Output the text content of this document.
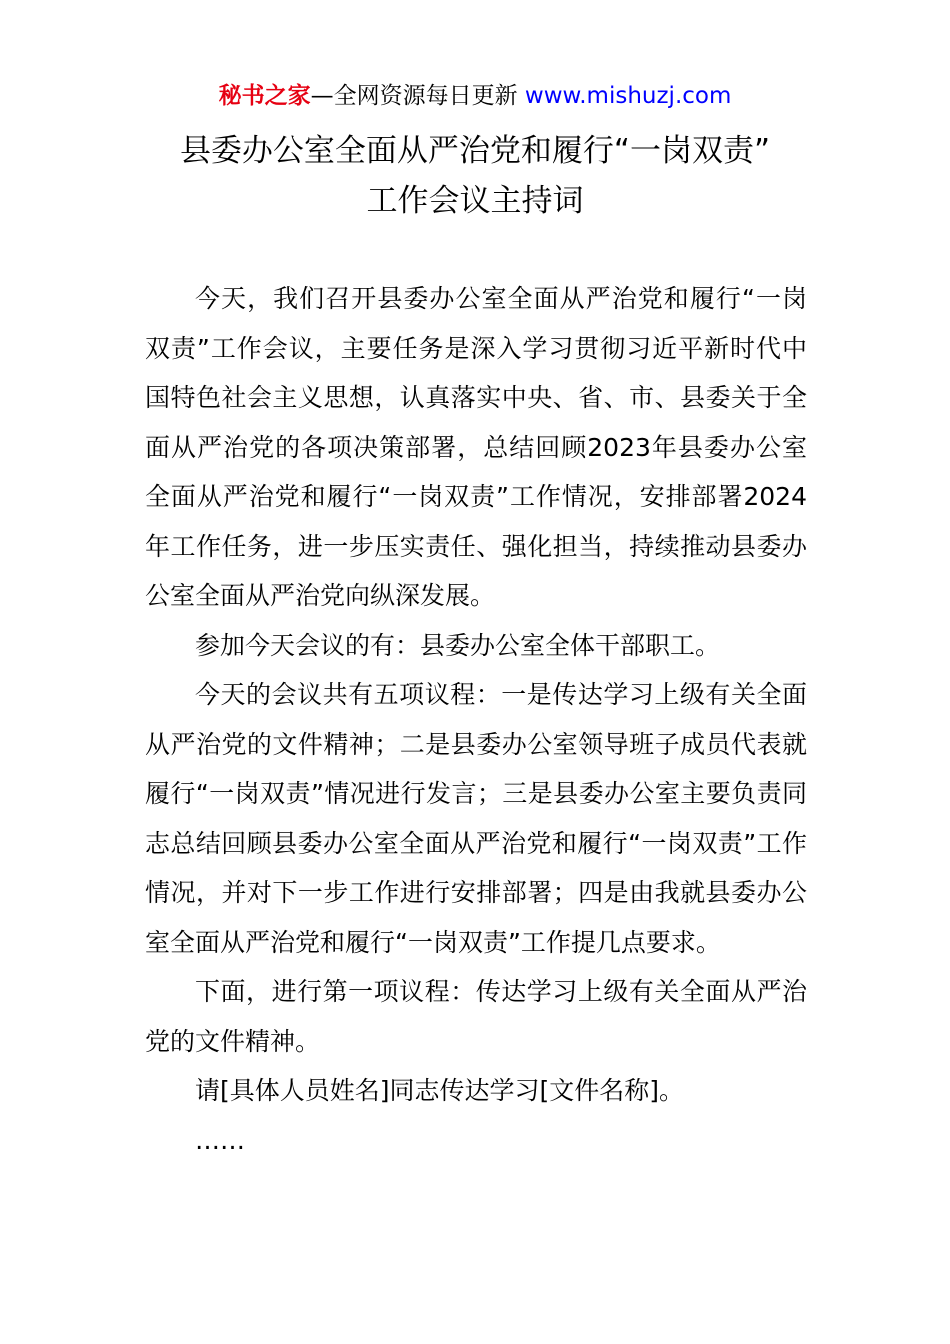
秘书之家—全网资源每日更新 www.mishuzj.com
县委办公室全面从严治党和履行“一岗双责”
工作会议主持词

今天，我们召开县委办公室全面从严治党和履行“一岗双责”工作会议，主要任务是深入学习贯彻习近平新时代中国特色社会主义思想，认真落实中央、省、市、县委关于全面从严治党的各项决策部署，总结回顾2023年县委办公室全面从严治党和履行“一岗双责”工作情况，安排部署2024年工作任务，进一步压实责任、强化担当，持续推动县委办公室全面从严治党向纵深发展。

参加今天会议的有：县委办公室全体干部职工。

今天的会议共有五项议程：一是传达学习上级有关全面从严治党的文件精神；二是县委办公室领导班子成员代表就履行“一岗双责”情况进行发言；三是县委办公室主要负责同志总结回顾县委办公室全面从严治党和履行“一岗双责”工作情况，并对下一步工作进行安排部署；四是由我就县委办公室全面从严治党和履行“一岗双责”工作提几点要求。

下面，进行第一项议程：传达学习上级有关全面从严治党的文件精神。

请[具体人员姓名]同志传达学习[文件名称]。

……
